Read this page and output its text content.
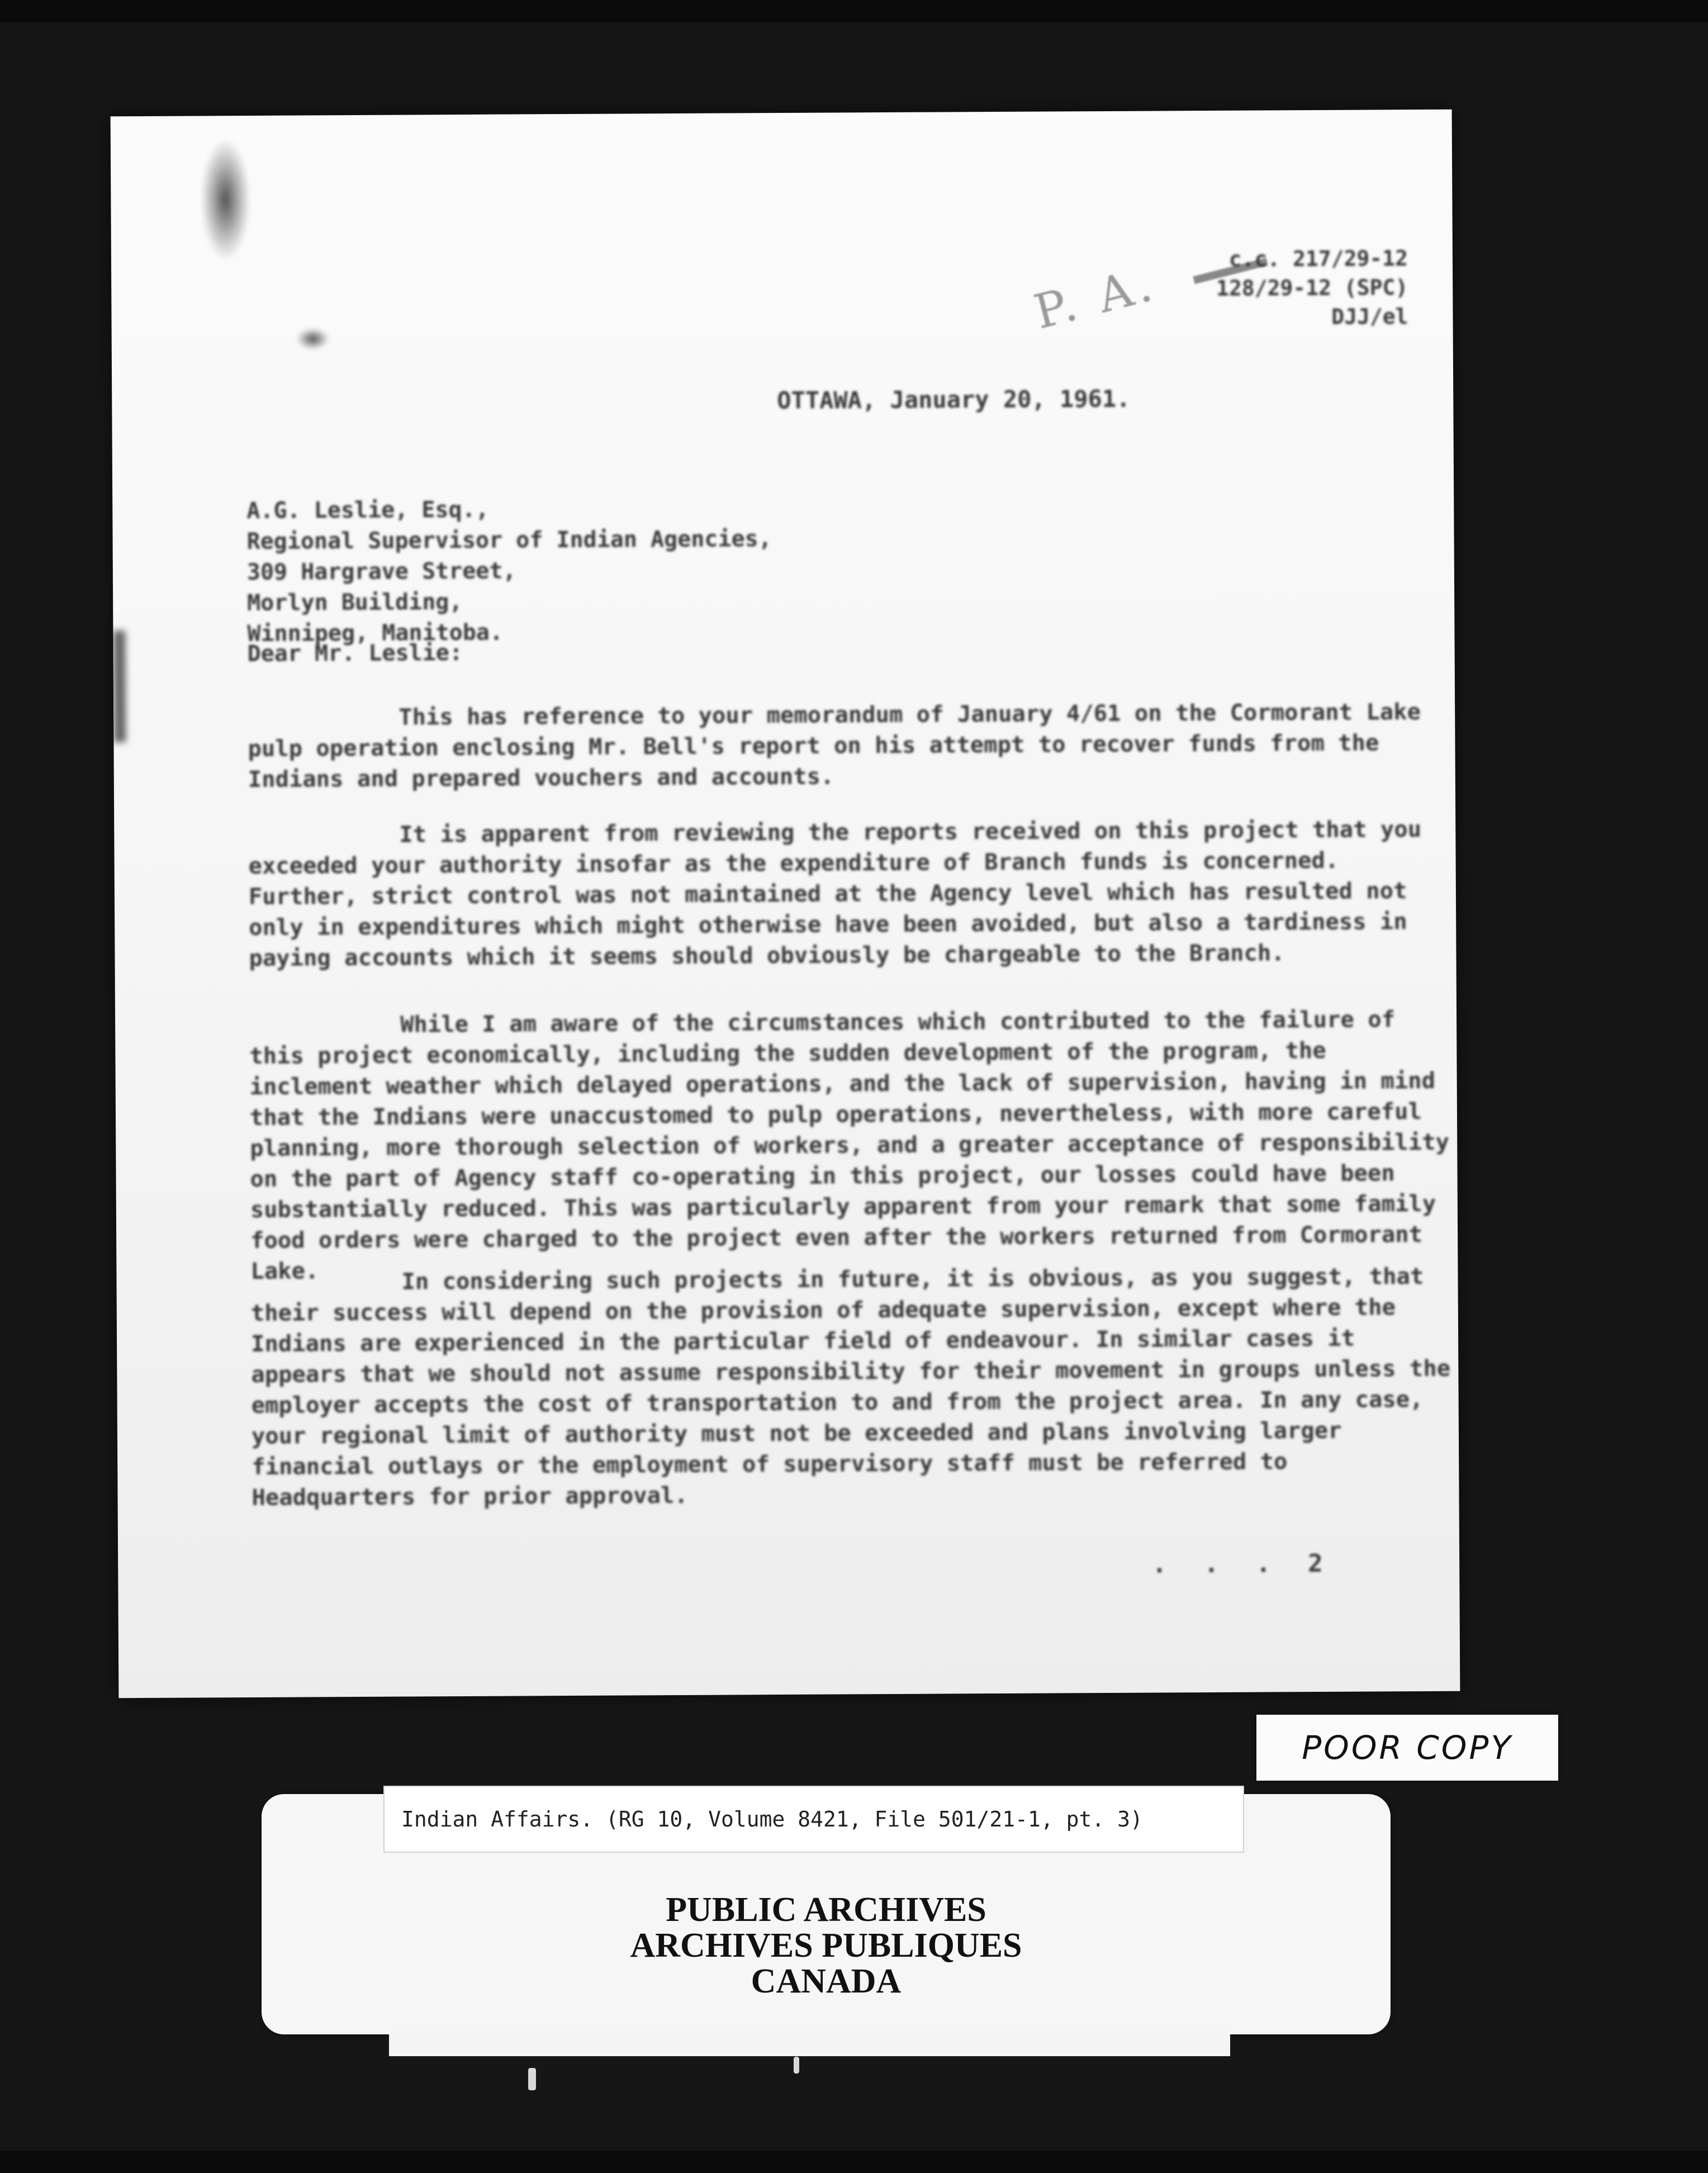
P. A.	c.c. 217/29-12
128/29-12 (SPC)
DJJ/el
OTTAWA, January 20, 1961.
A.G. Leslie, Esq.,
Regional Supervisor of Indian Agencies,
309 Hargrave Street,
Morlyn Building,
Winnipeg, Manitoba.
Dear Mr. Leslie:
This has reference to your memorandum of January 4/61 on the Cormorant Lake pulp operation enclosing Mr. Bell's report on his attempt to recover funds from the Indians and prepared vouchers and accounts.
It is apparent from reviewing the reports received on this project that you exceeded your authority insofar as the expenditure of Branch funds is concerned. Further, strict control was not maintained at the Agency level which has resulted not only in expenditures which might otherwise have been avoided, but also a tardiness in paying accounts which it seems should obviously be chargeable to the Branch.
While I am aware of the circumstances which contributed to the failure of this project economically, including the sudden development of the program, the inclement weather which delayed operations, and the lack of supervision, having in mind that the Indians were unaccustomed to pulp operations, nevertheless, with more careful planning, more thorough selection of workers, and a greater acceptance of responsibility on the part of Agency staff co-operating in this project, our losses could have been substantially reduced. This was particularly apparent from your remark that some family food orders were charged to the project even after the workers returned from Cormorant Lake.	In considering such projects in future, it is obvious, as you suggest, that their success will depend on the provision of adequate supervision, except where the Indians are experienced in the particular field of endeavour. In similar cases it appears that we should not assume responsibility for their movement in groups unless the employer accepts the cost of transportation to and from the project area. In any case, your regional limit of authority must not be exceeded and plans involving larger financial outlays or the employment of supervisory staff must be referred to Headquarters for prior approval.
. . . 2
POOR COPY
Indian Affairs. (RG 10, Volume 8421, File 501/21-1, pt. 3)
PUBLIC ARCHIVES
ARCHIVES PUBLIQUES
CANADA
